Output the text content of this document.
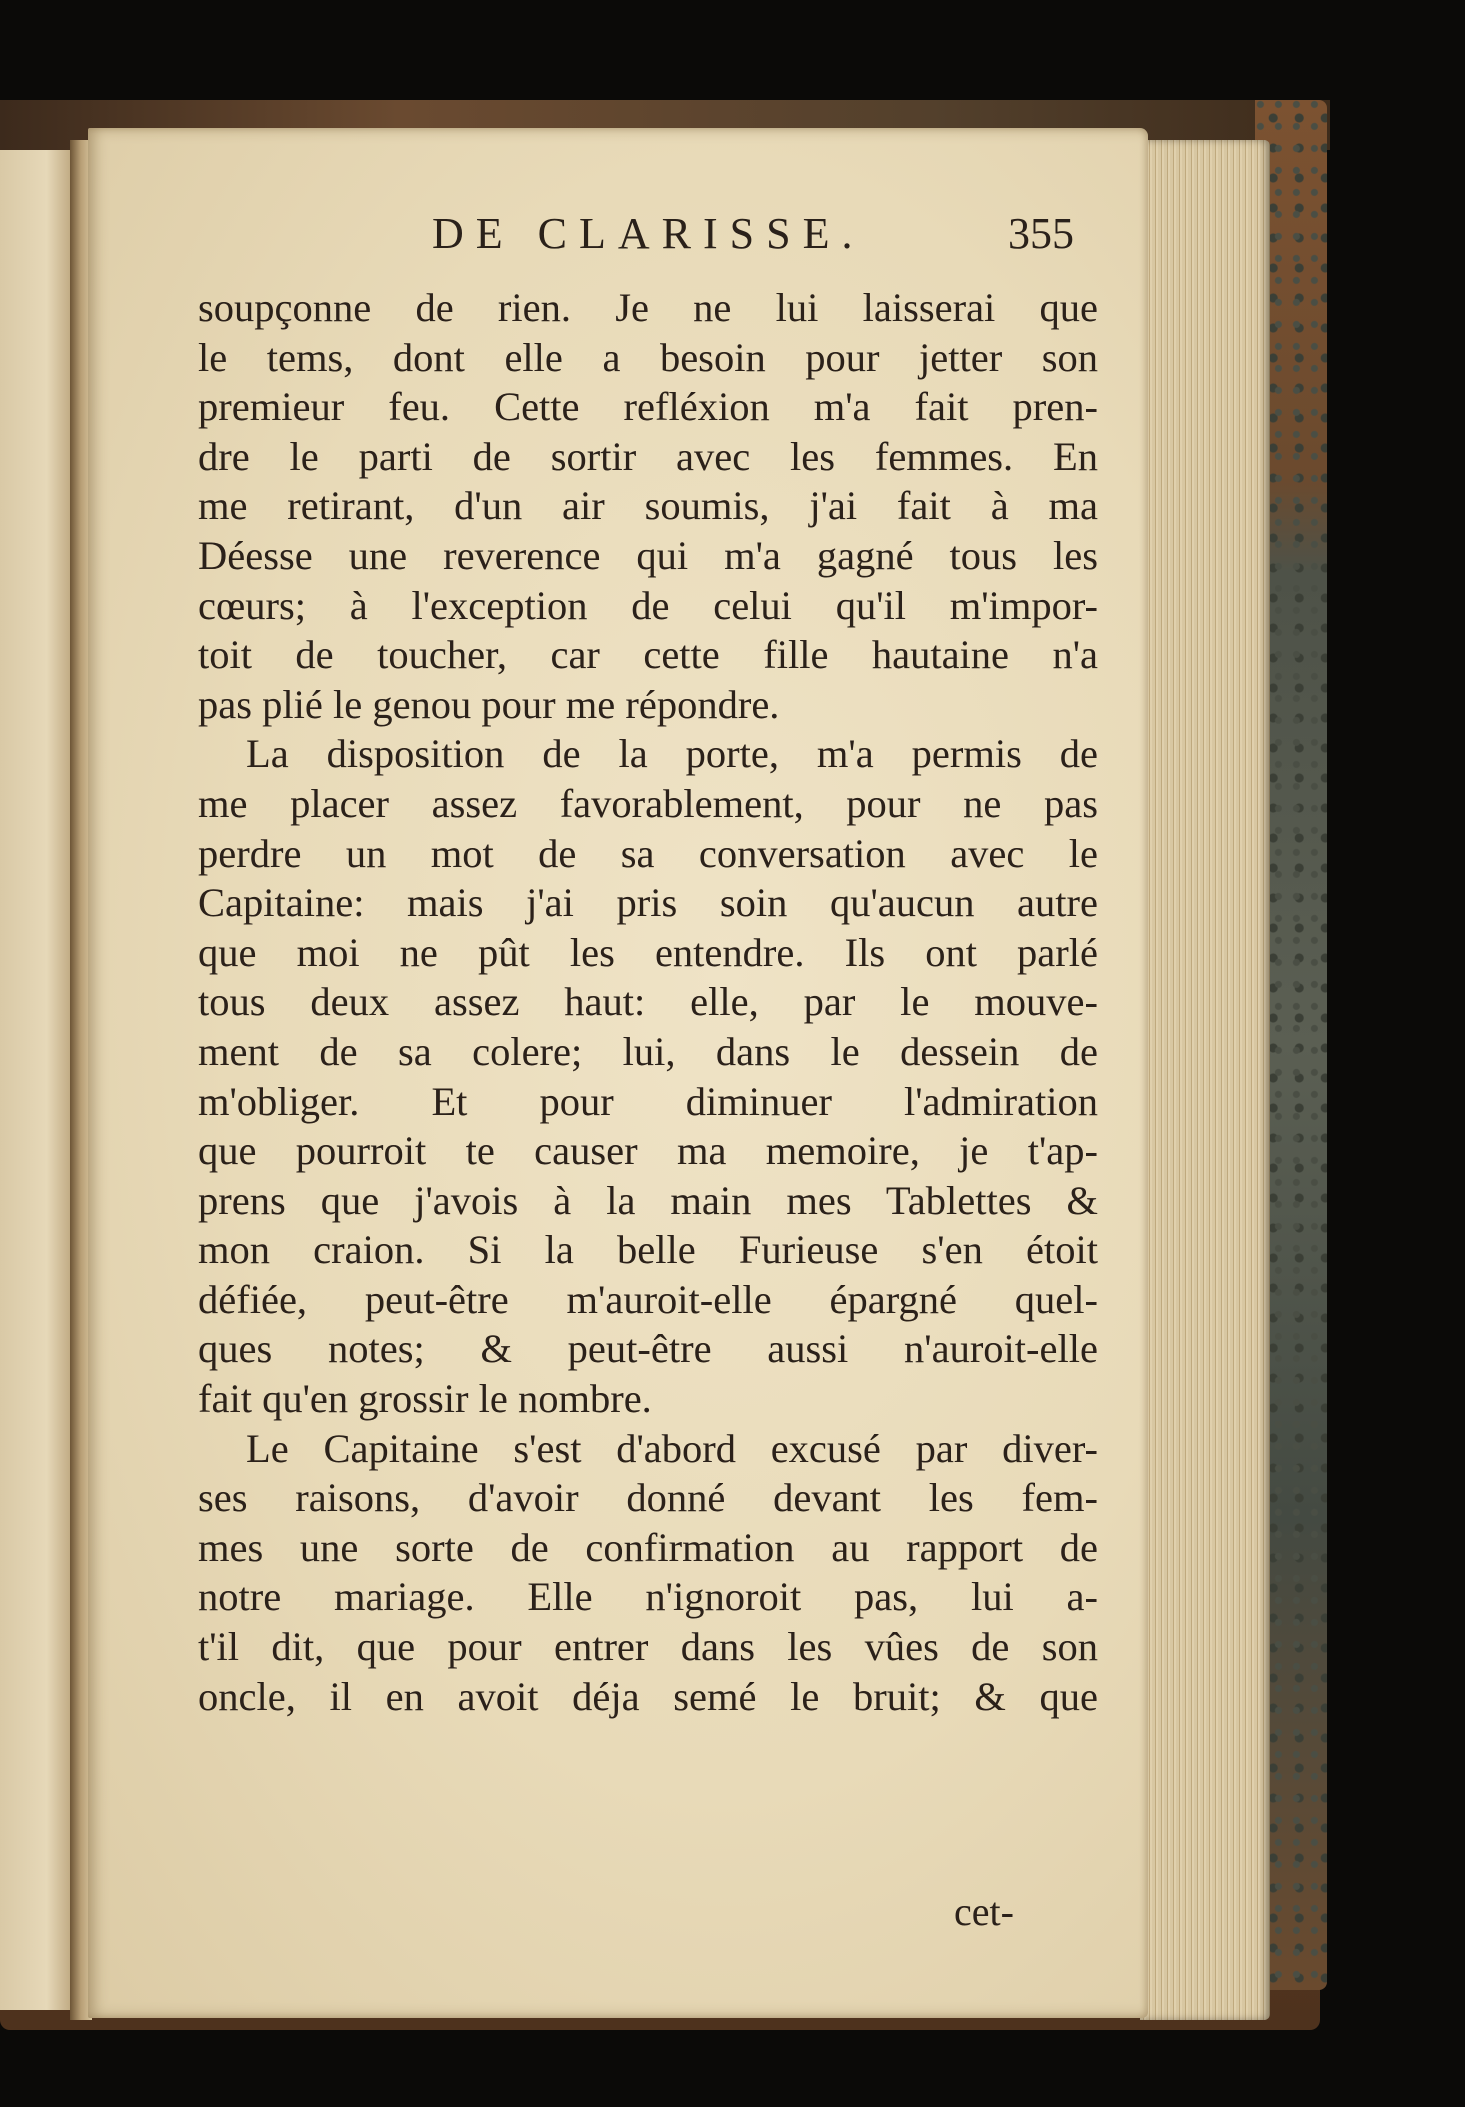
DE CLARISSE.	355
soupçonne de rien. Je ne lui laisserai que
le tems, dont elle a besoin pour jetter son
premieur feu. Cette refléxion m'a fait pren-
dre le parti de sortir avec les femmes. En
me retirant, d'un air soumis, j'ai fait à ma
Déesse une reverence qui m'a gagné tous les
cœurs; à l'exception de celui qu'il m'impor-
toit de toucher, car cette fille hautaine n'a
pas plié le genou pour me répondre.
La disposition de la porte, m'a permis de
me placer assez favorablement, pour ne pas
perdre un mot de sa conversation avec le
Capitaine: mais j'ai pris soin qu'aucun autre
que moi ne pût les entendre. Ils ont parlé
tous deux assez haut: elle, par le mouve-
ment de sa colere; lui, dans le dessein de
m'obliger. Et pour diminuer l'admiration
que pourroit te causer ma memoire, je t'ap-
prens que j'avois à la main mes Tablettes &
mon craion. Si la belle Furieuse s'en étoit
défiée, peut-être m'auroit-elle épargné quel-
ques notes; & peut-être aussi n'auroit-elle
fait qu'en grossir le nombre.
Le Capitaine s'est d'abord excusé par diver-
ses raisons, d'avoir donné devant les fem-
mes une sorte de confirmation au rapport de
notre mariage. Elle n'ignoroit pas, lui a-
t'il dit, que pour entrer dans les vûes de son
oncle, il en avoit déja semé le bruit; & que
cet-
